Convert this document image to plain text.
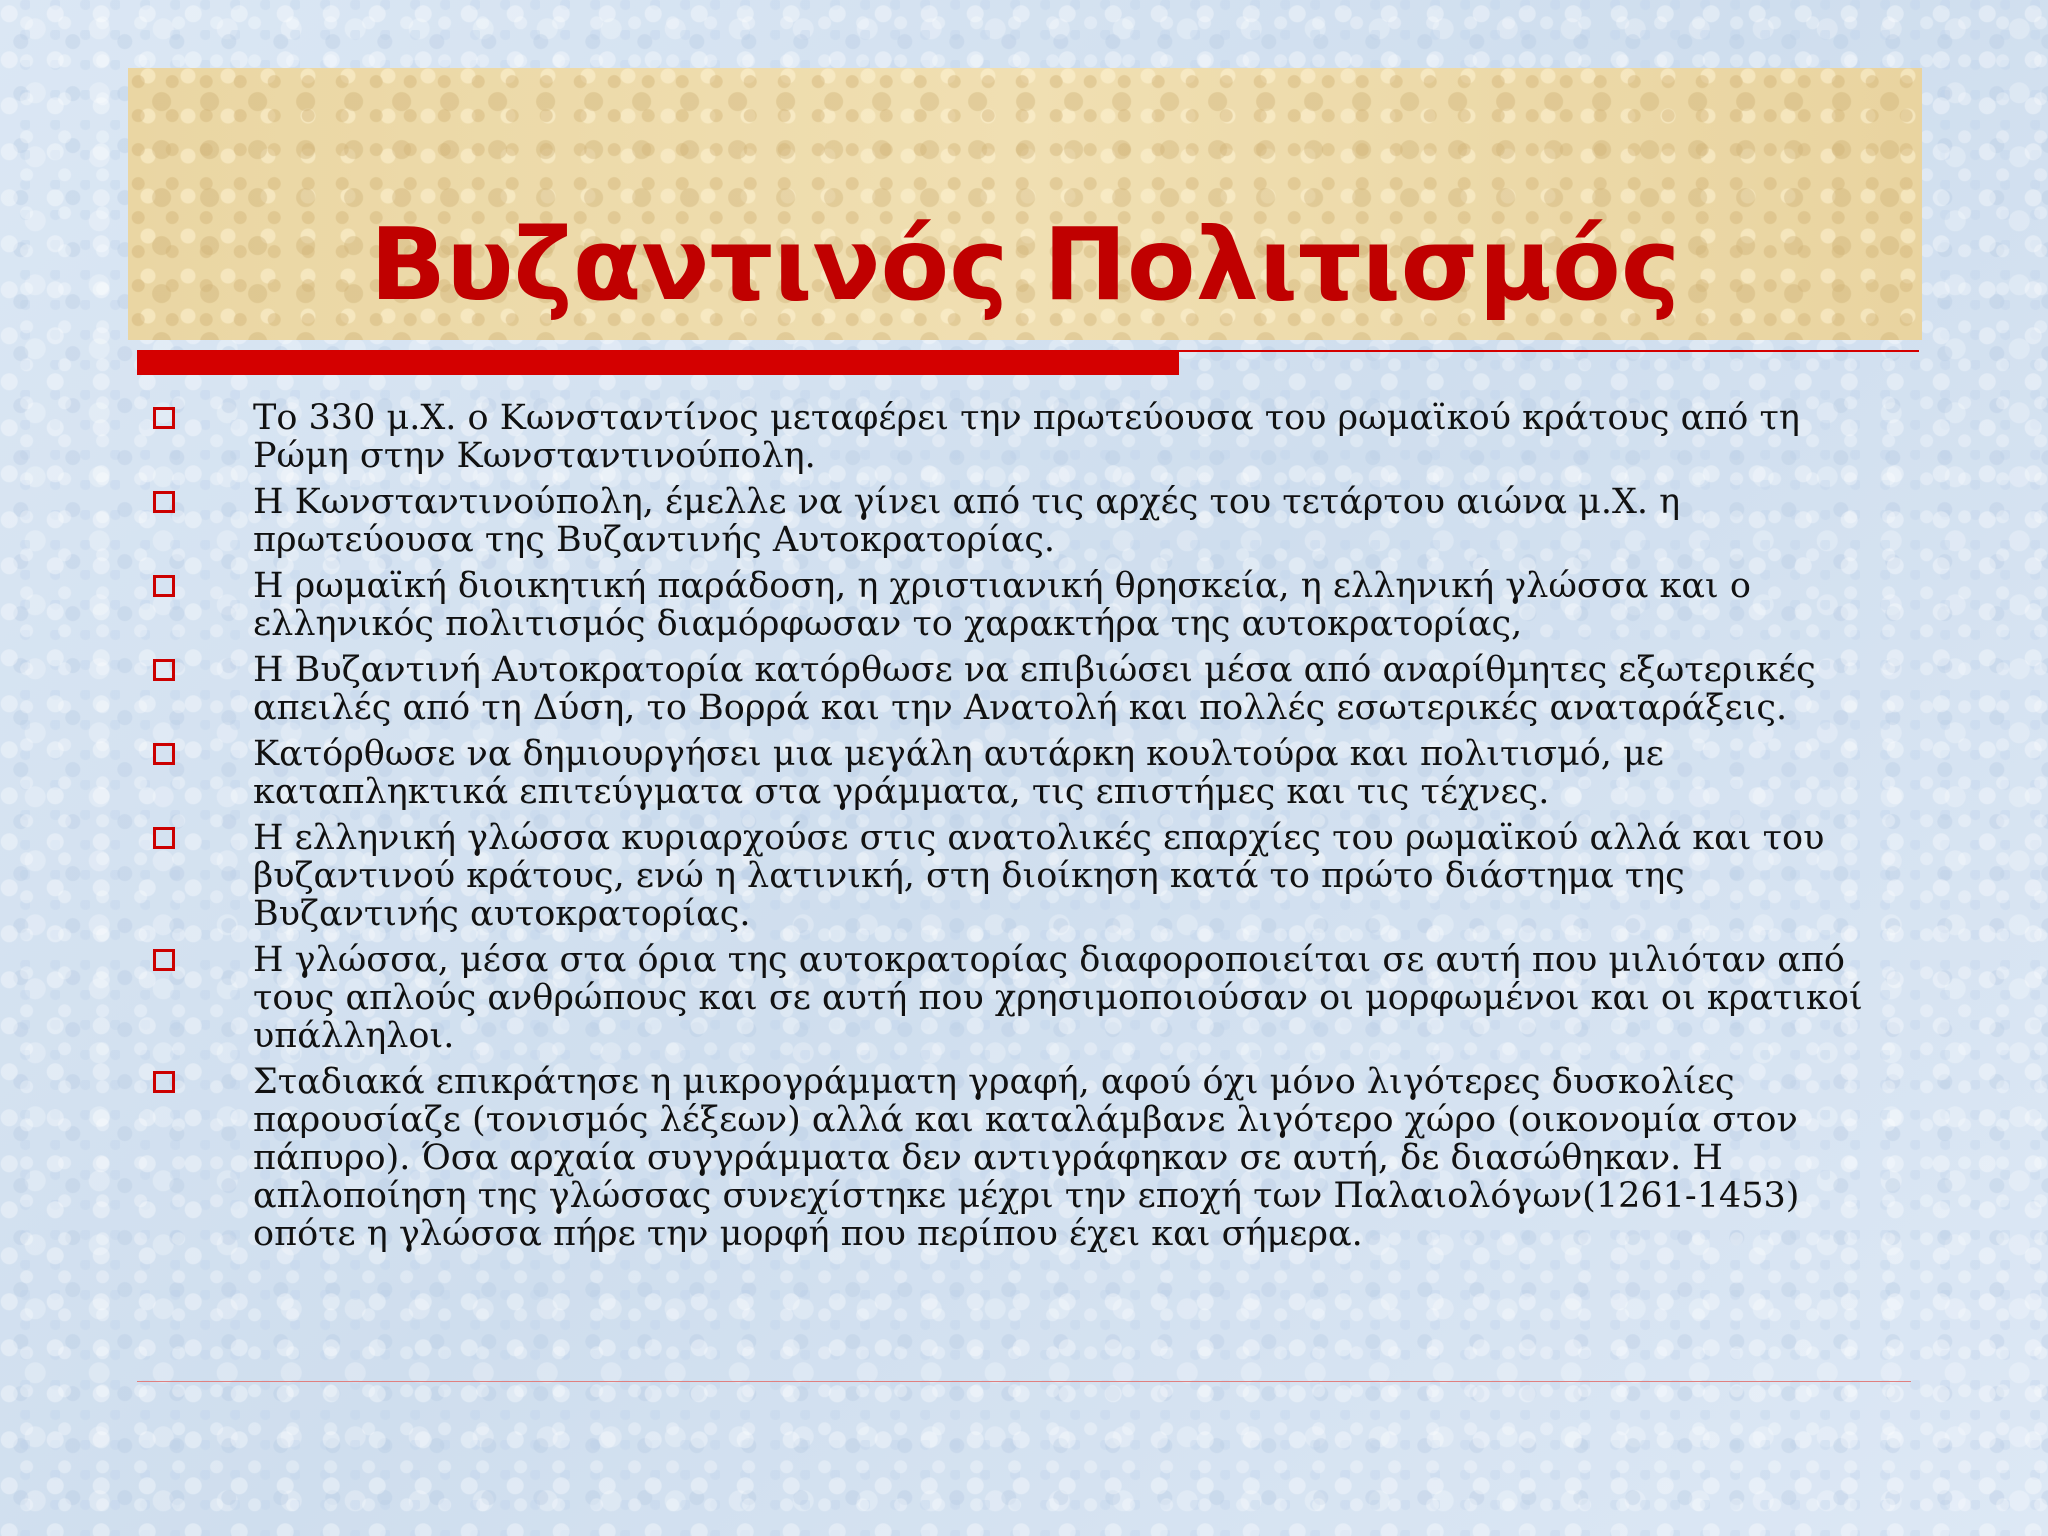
Βυζαντινός Πολιτισμός
Το 330 μ.Χ. ο Κωνσταντίνος μεταφέρει την πρωτεύουσα του ρωμαϊκού κράτους από τη Ρώμη στην Κωνσταντινούπολη.
Η Κωνσταντινούπολη, έμελλε να γίνει από τις αρχές του τετάρτου αιώνα μ.Χ. η πρωτεύουσα της Βυζαντινής Αυτοκρατορίας.
Η ρωμαϊκή διοικητική παράδοση, η χριστιανική θρησκεία, η ελληνική γλώσσα και ο ελληνικός πολιτισμός διαμόρφωσαν το χαρακτήρα της αυτοκρατορίας,
Η Βυζαντινή Αυτοκρατορία κατόρθωσε να επιβιώσει μέσα από αναρίθμητες εξωτερικές απειλές από τη Δύση, το Βορρά και την Ανατολή και πολλές εσωτερικές αναταράξεις.
Κατόρθωσε να δημιουργήσει μια μεγάλη αυτάρκη κουλτούρα και πολιτισμό, με καταπληκτικά επιτεύγματα στα γράμματα, τις επιστήμες και τις τέχνες.
Η ελληνική γλώσσα κυριαρχούσε στις ανατολικές επαρχίες του ρωμαϊκού αλλά και του βυζαντινού κράτους, ενώ η λατινική, στη διοίκηση κατά το πρώτο διάστημα της Βυζαντινής αυτοκρατορίας.
Η γλώσσα, μέσα στα όρια της αυτοκρατορίας διαφοροποιείται σε αυτή που μιλιόταν από τους απλούς ανθρώπους και σε αυτή που χρησιμοποιούσαν οι μορφωμένοι και οι κρατικοί υπάλληλοι.
Σταδιακά επικράτησε η μικρογράμματη γραφή, αφού όχι μόνο λιγότερες δυσκολίες παρουσίαζε (τονισμός λέξεων) αλλά και καταλάμβανε λιγότερο χώρο (οικονομία στον πάπυρο). Όσα αρχαία συγγράμματα δεν αντιγράφηκαν σε αυτή, δε διασώθηκαν. Η απλοποίηση της γλώσσας συνεχίστηκε μέχρι την εποχή των Παλαιολόγων(1261-1453) οπότε η γλώσσα πήρε την μορφή που περίπου έχει και σήμερα.
